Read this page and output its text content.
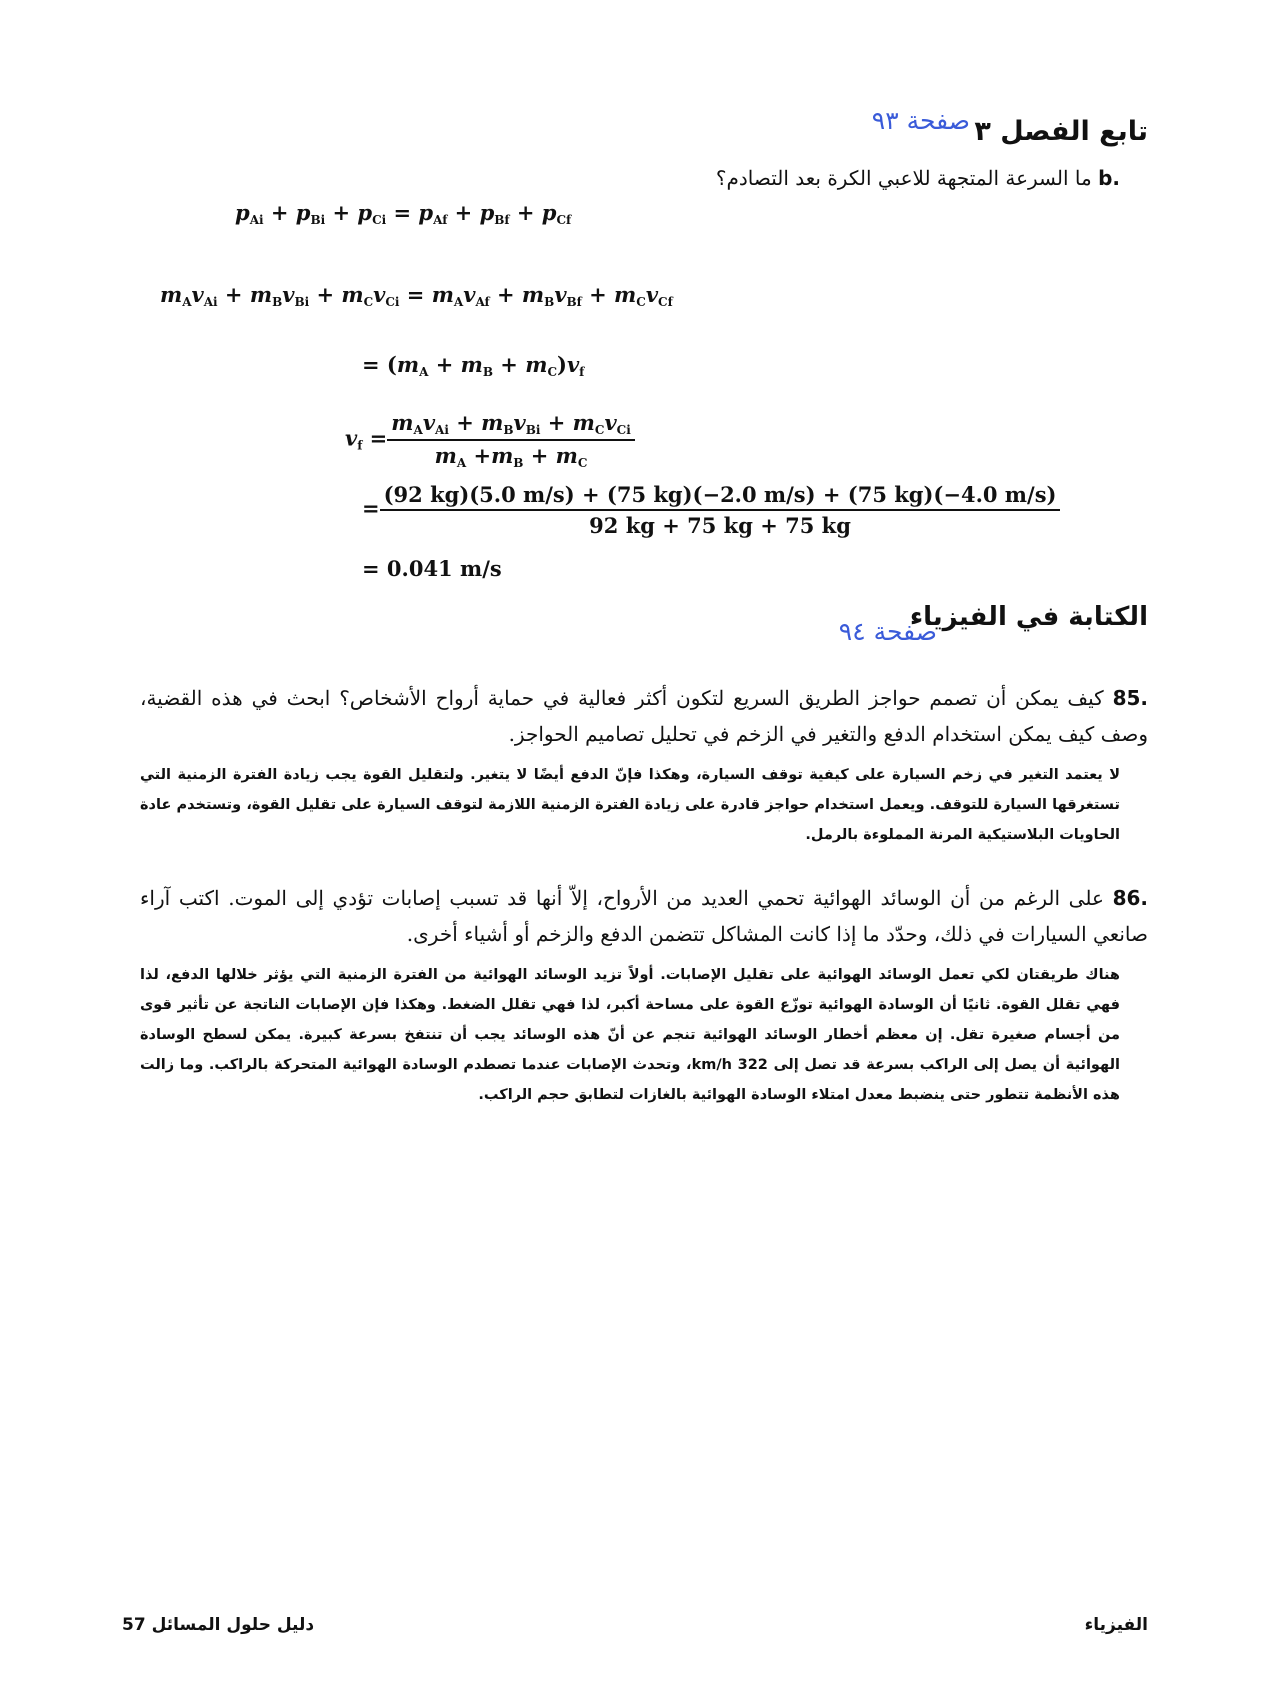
تابع الفصل ٣
صفحة ٩٣
b. ما السرعة المتجهة للاعبي الكرة بعد التصادم؟
$p_{Ai} + p_{Bi} + p_{Ci} = p_{Af} + p_{Bf} + p_{Cf}$
$m_Av_{Ai} + m_Bv_{Bi} + m_Cv_{Ci} = m_Av_{Af} + m_Bv_{Bf} + m_Cv_{Cf}$
= $(m_A + m_B + m_C)v_f$
$v_f = \frac{m_Av_{Ai} + m_Bv_{Bi} + m_Cv_{Ci}}{m_A +m_B + m_C}$
= $\frac{(92 kg)(5.0 m/s) + (75 kg)(-2.0 m/s) + (75 kg)(-4.0 m/s)}{92 kg + 75 kg + 75 kg}$
= 0.041 m/s
الكتابة في الفيزياء
صفحة ٩٤
85. كيف يمكن أن تصمم حواجز الطريق السريع لتكون أكثر فعالية في حماية أرواح الأشخاص؟ ابحث في هذه القضية، وصف كيف يمكن استخدام الدفع والتغير في الزخم في تحليل تصاميم الحواجز.
لا يعتمد التغير في زخم السيارة على كيفية توقف السيارة، وهكذا فإنّ الدفع أيضًا لا يتغير. ولتقليل القوة يجب زيادة الفترة الزمنية التي تستغرقها السيارة للتوقف. ويعمل استخدام حواجز قادرة على زيادة الفترة الزمنية اللازمة لتوقف السيارة على تقليل القوة، وتستخدم عادة الحاويات البلاستيكية المرنة المملوءة بالرمل.
86. على الرغم من أن الوسائد الهوائية تحمي العديد من الأرواح، إلاّ أنها قد تسبب إصابات تؤدي إلى الموت. اكتب آراء صانعي السيارات في ذلك، وحدّد ما إذا كانت المشاكل تتضمن الدفع والزخم أو أشياء أخرى.
هناك طريقتان لكي تعمل الوسائد الهوائية على تقليل الإصابات. أولاً تزيد الوسائد الهوائية من الفترة الزمنية التي يؤثر خلالها الدفع، لذا فهي تقلل القوة. ثانيًا أن الوسادة الهوائية توزّع القوة على مساحة أكبر، لذا فهي تقلل الضغط. وهكذا فإن الإصابات الناتجة عن تأثير قوى من أجسام صغيرة تقل. إن معظم أخطار الوسائد الهوائية تنجم عن أنّ هذه الوسائد يجب أن تنتفخ بسرعة كبيرة. يمكن لسطح الوسادة الهوائية أن يصل إلى الراكب بسرعة قد تصل إلى 322 km/h، وتحدث الإصابات عندما تصطدم الوسادة الهوائية المتحركة بالراكب. وما زالت هذه الأنظمة تتطور حتى ينضبط معدل امتلاء الوسادة الهوائية بالغازات لتطابق حجم الراكب.
الفيزياء
دليل حلول المسائل 57
